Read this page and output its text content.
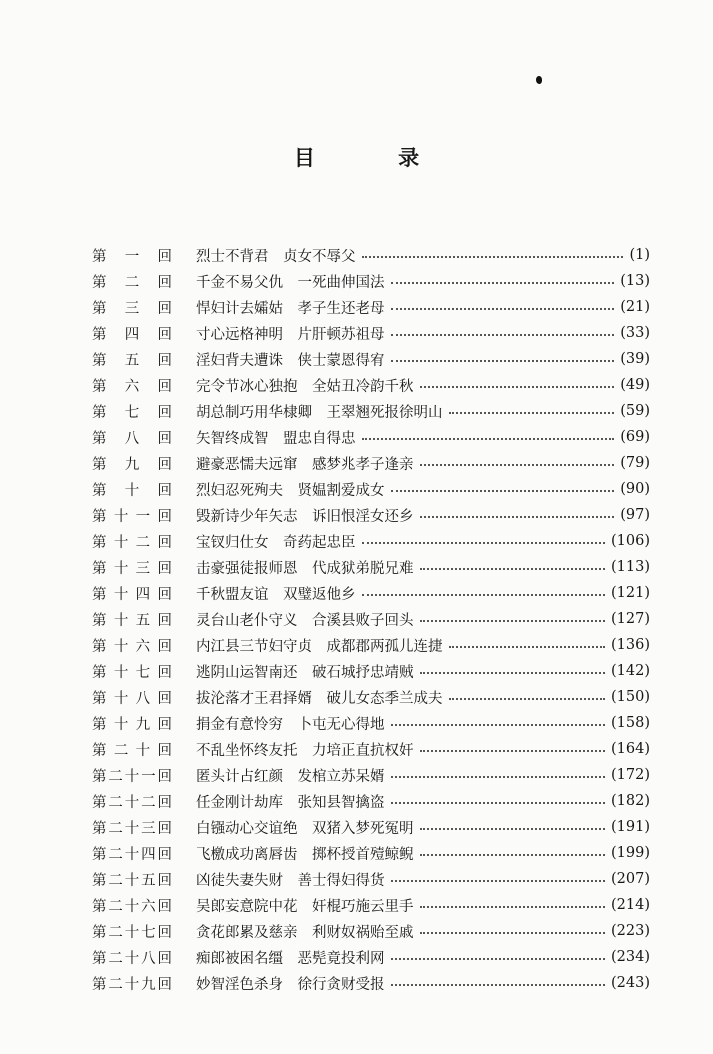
目 录
第 一 回	烈士不背君　贞女不辱父	(1)
第 二 回	千金不易父仇　一死曲伸国法	(13)
第 三 回	悍妇计去孀姑　孝子生还老母	(21)
第 四 回	寸心远格神明　片肝顿苏祖母	(33)
第 五 回	淫妇背夫遭诛　侠士蒙恩得宥	(39)
第 六 回	完令节冰心独抱　全姑丑冷韵千秋	(49)
第 七 回	胡总制巧用华棣卿　王翠翘死报徐明山	(59)
第 八 回	矢智终成智　盟忠自得忠	(69)
第 九 回	避豪恶懦夫远窜　感梦兆孝子逢亲	(79)
第 十 回	烈妇忍死殉夫　贤媪割爱成女	(90)
第 十 一 回	毁新诗少年矢志　诉旧恨淫女还乡	(97)
第 十 二 回	宝钗归仕女　奇药起忠臣	(106)
第 十 三 回	击豪强徒报师恩　代成狱弟脱兄难	(113)
第 十 四 回	千秋盟友谊　双璧返他乡	(121)
第 十 五 回	灵台山老仆守义　合溪县败子回头	(127)
第 十 六 回	内江县三节妇守贞　成都郡两孤儿连捷	(136)
第 十 七 回	逃阴山运智南还　破石城抒忠靖贼	(142)
第 十 八 回	拔沦落才王君择婿　破儿女态季兰成夫	(150)
第 十 九 回	捐金有意怜穷　卜屯无心得地	(158)
第 二 十 回	不乱坐怀终友托　力培正直抗权奸	(164)
第 二 十 一 回	匿头计占红颜　发棺立苏呆婿	(172)
第 二 十 二 回	任金刚计劫库　张知县智擒盗	(182)
第 二 十 三 回	白镪动心交谊绝　双猪入梦死冤明	(191)
第 二 十 四 回	飞檄成功离唇齿　掷杯授首殪鲸鲵	(199)
第 二 十 五 回	凶徒失妻失财　善士得妇得货	(207)
第 二 十 六 回	吴郎妄意院中花　奸棍巧施云里手	(214)
第 二 十 七 回	贪花郎累及慈亲　利财奴祸贻至戚	(223)
第 二 十 八 回	痴郎被困名缰　恶髡竟投利网	(234)
第 二 十 九 回	妙智淫色杀身　徐行贪财受报	(243)
